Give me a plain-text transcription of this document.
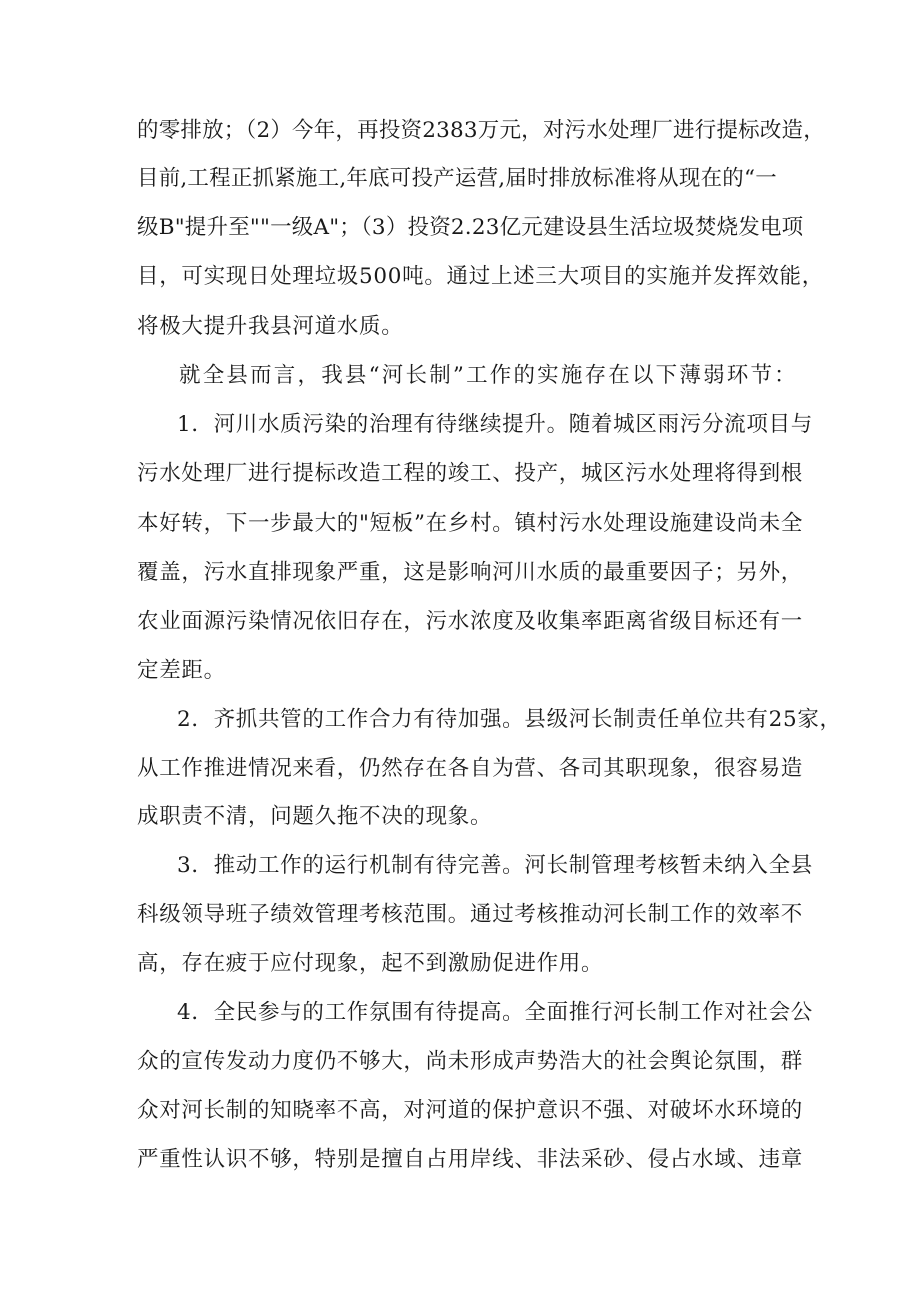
的零排放；（2）今年，再投资2383万元，对污水处理厂进行提标改造，
目前,工程正抓紧施工,年底可投产运营,届时排放标准将从现在的“一
级B"提升至""一级A"；（3）投资2.23亿元建设县生活垃圾焚烧发电项
目，可实现日处理垃圾500吨。通过上述三大项目的实施并发挥效能，
将极大提升我县河道水质。
就全县而言，我县“河长制”工作的实施存在以下薄弱环节：
1．河川水质污染的治理有待继续提升。随着城区雨污分流项目与
污水处理厂进行提标改造工程的竣工、投产，城区污水处理将得到根
本好转，下一步最大的"短板”在乡村。镇村污水处理设施建设尚未全
覆盖，污水直排现象严重，这是影响河川水质的最重要因子；另外，
农业面源污染情况依旧存在，污水浓度及收集率距离省级目标还有一
定差距。
2．齐抓共管的工作合力有待加强。县级河长制责任单位共有25家，
从工作推进情况来看，仍然存在各自为营、各司其职现象，很容易造
成职责不清，问题久拖不决的现象。
3．推动工作的运行机制有待完善。河长制管理考核暂未纳入全县
科级领导班子绩效管理考核范围。通过考核推动河长制工作的效率不
高，存在疲于应付现象，起不到激励促进作用。
4．全民参与的工作氛围有待提高。全面推行河长制工作对社会公
众的宣传发动力度仍不够大，尚未形成声势浩大的社会舆论氛围，群
众对河长制的知晓率不高，对河道的保护意识不强、对破坏水环境的
严重性认识不够，特别是擅自占用岸线、非法采砂、侵占水域、违章
